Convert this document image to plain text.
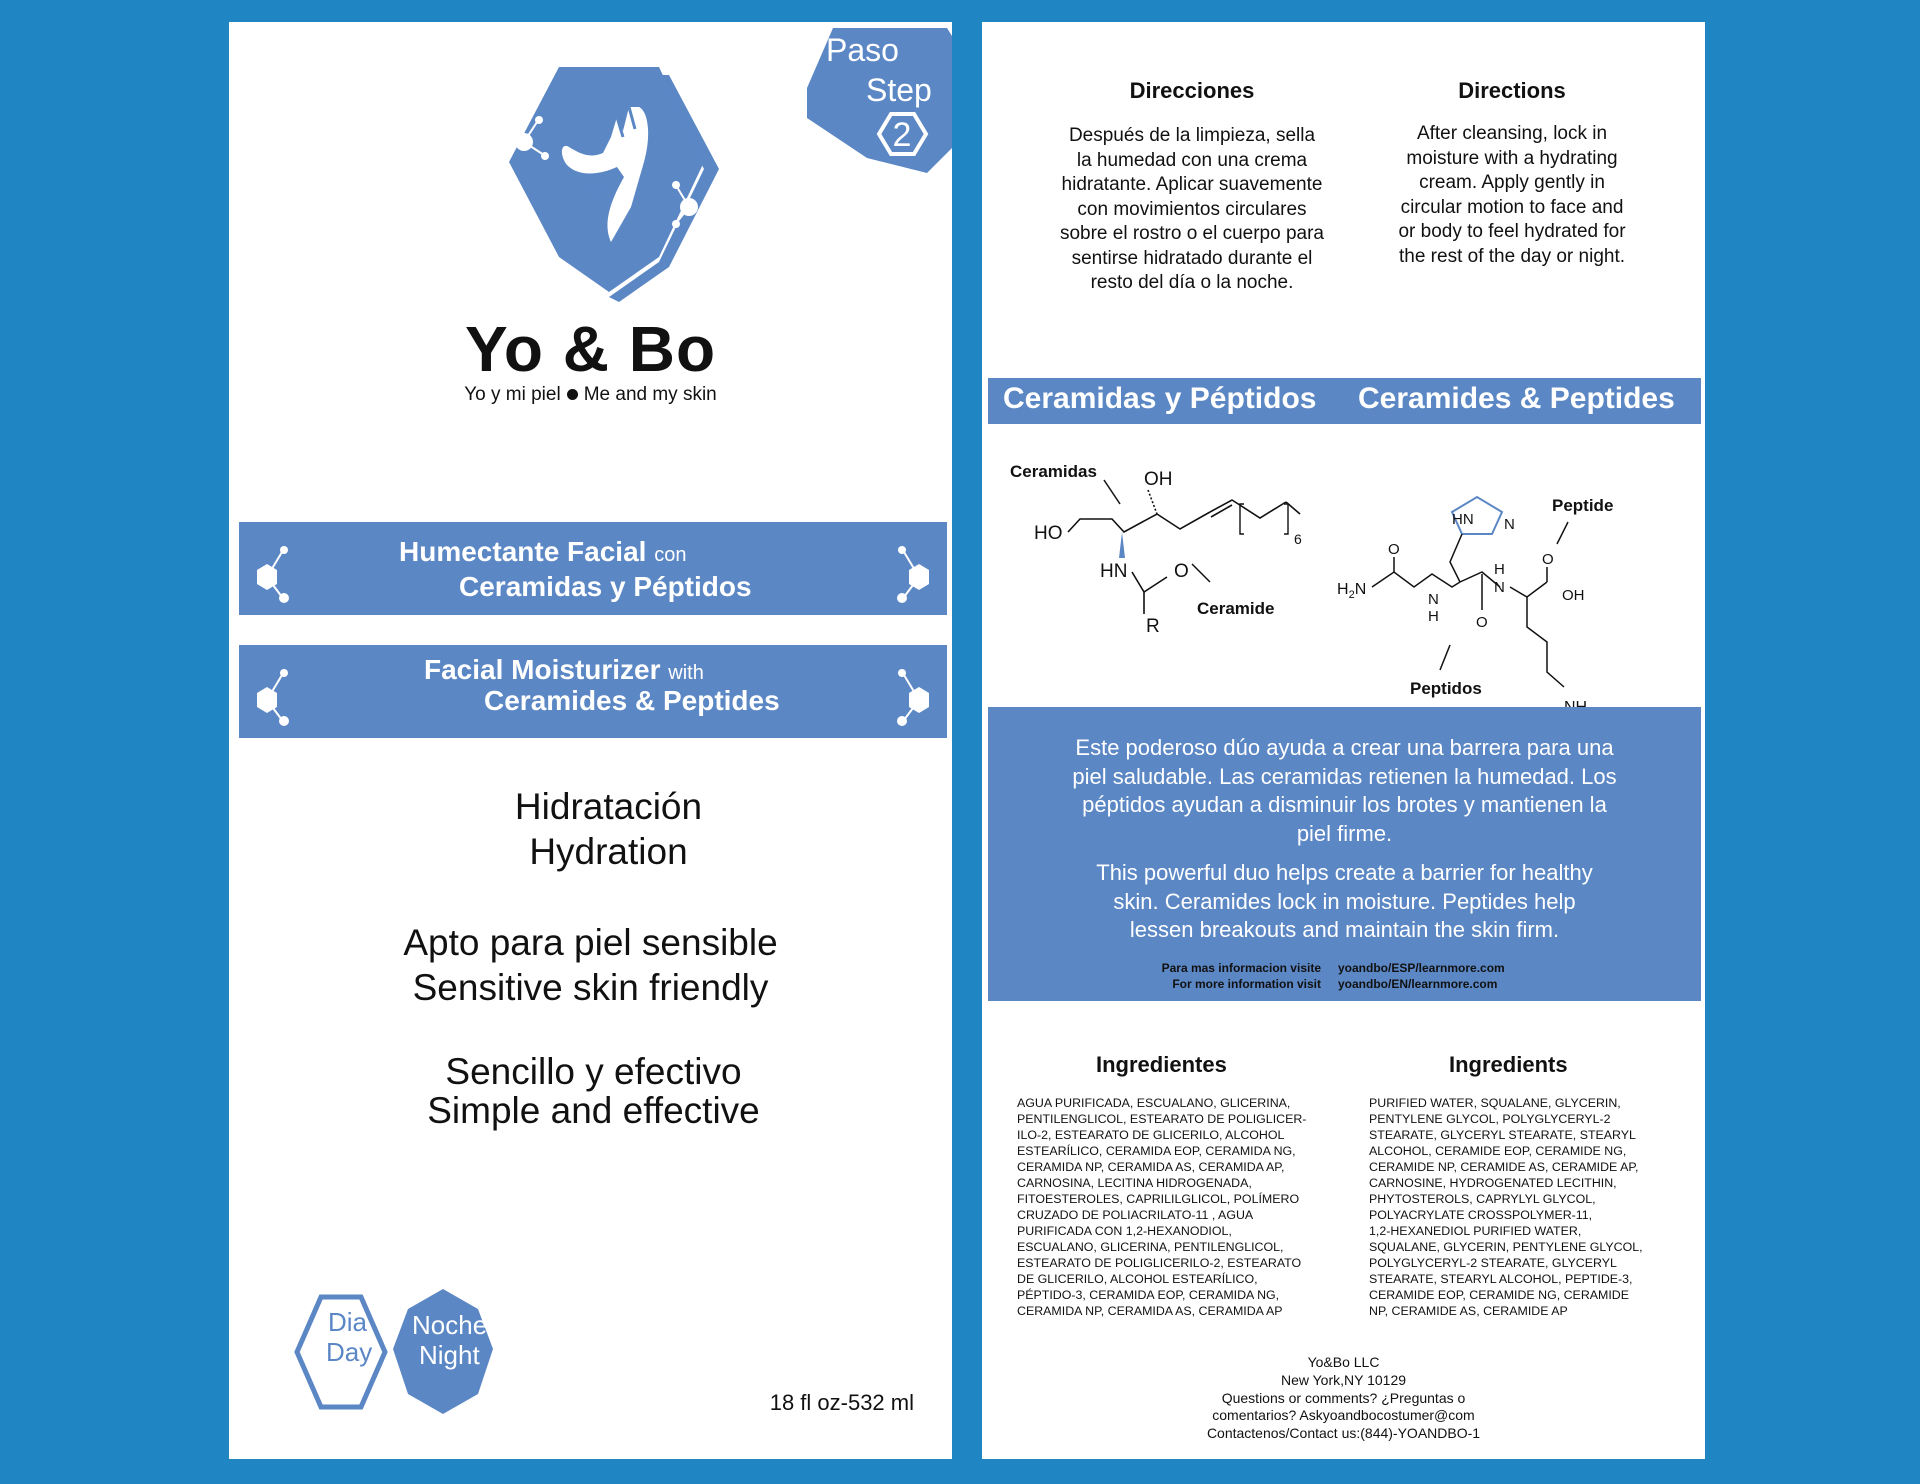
2
Paso
Step
Yo & Bo
Yo y mi piel Me and my skin
Humectante Facial con
Ceramidas y Péptidos
Facial Moisturizer with
Ceramides & Peptides
Hidratación
Hydration
Apto para piel sensible
Sensitive skin friendly
Sencillo y efectivo
Simple and effective
Dia
Day
Noche
Night
18 fl oz-532 ml
Direcciones
Después de la limpieza, sella
la humedad con una crema
hidratante. Aplicar suavemente
con movimientos circulares
sobre el rostro o el cuerpo para
sentirse hidratado durante el
resto del día o la noche.
Directions
After cleansing, lock in
moisture with a hydrating
cream. Apply gently in
circular motion to face and
or body to feel hydrated for
the rest of the day or night.
Ceramidas y Péptidos Ceramides & Peptides
Ceramidas OH
HO	6
HN O
R
Ceramide
Peptide
HN N
$H_2N$
O
N
H O
H
N
O
OH
Peptidos
Este poderoso dúo ayuda a crear una barrera para una
piel saludable. Las ceramidas retienen la humedad. Los
péptidos ayudan a disminuir los brotes y mantienen la
piel firme.
This powerful duo helps create a barrier for healthy
skin. Ceramides lock in moisture. Peptides help
lessen breakouts and maintain the skin firm.
Para mas informacion visite yoandbo/ESP/learnmore.com
For more information visit yoandbo/EN/learnmore.com
Ingredientes
AGUA PURIFICADA, ESCUALANO, GLICERINA,
PENTILENGLICOL, ESTEARATO DE POLIGLICER-
ILO-2, ESTEARATO DE GLICERILO, ALCOHOL
ESTEARÍLICO, CERAMIDA EOP, CERAMIDA NG,
CERAMIDA NP, CERAMIDA AS, CERAMIDA AP,
CARNOSINA, LECITINA HIDROGENADA,
FITOESTEROLES, CAPRILILGLICOL, POLÍMERO
CRUZADO DE POLIACRILATO-11 , AGUA
PURIFICADA CON 1,2-HEXANODIOL,
ESCUALANO, GLICERINA, PENTILENGLICOL,
ESTEARATO DE POLIGLICERILO-2, ESTEARATO
DE GLICERILO, ALCOHOL ESTEARÍLICO,
PÉPTIDO-3, CERAMIDA EOP, CERAMIDA NG,
CERAMIDA NP, CERAMIDA AS, CERAMIDA AP
Ingredients
PURIFIED WATER, SQUALANE, GLYCERIN,
PENTYLENE GLYCOL, POLYGLYCERYL-2
STEARATE, GLYCERYL STEARATE, STEARYL
ALCOHOL, CERAMIDE EOP, CERAMIDE NG,
CERAMIDE NP, CERAMIDE AS, CERAMIDE AP,
CARNOSINE, HYDROGENATED LECITHIN,
PHYTOSTEROLS, CAPRYLYL GLYCOL,
POLYACRYLATE CROSSPOLYMER-11,
1,2-HEXANEDIOL PURIFIED WATER,
SQUALANE, GLYCERIN, PENTYLENE GLYCOL,
POLYGLYCERYL-2 STEARATE, GLYCERYL
STEARATE, STEARYL ALCOHOL, PEPTIDE-3,
CERAMIDE EOP, CERAMIDE NG, CERAMIDE
NP, CERAMIDE AS, CERAMIDE AP
Yo&Bo LLC
New York,NY 10129
Questions or comments? ¿Preguntas o
comentarios? Askyoandbocostumer@com
Contactenos/Contact us:(844)-YOANDBO-1
